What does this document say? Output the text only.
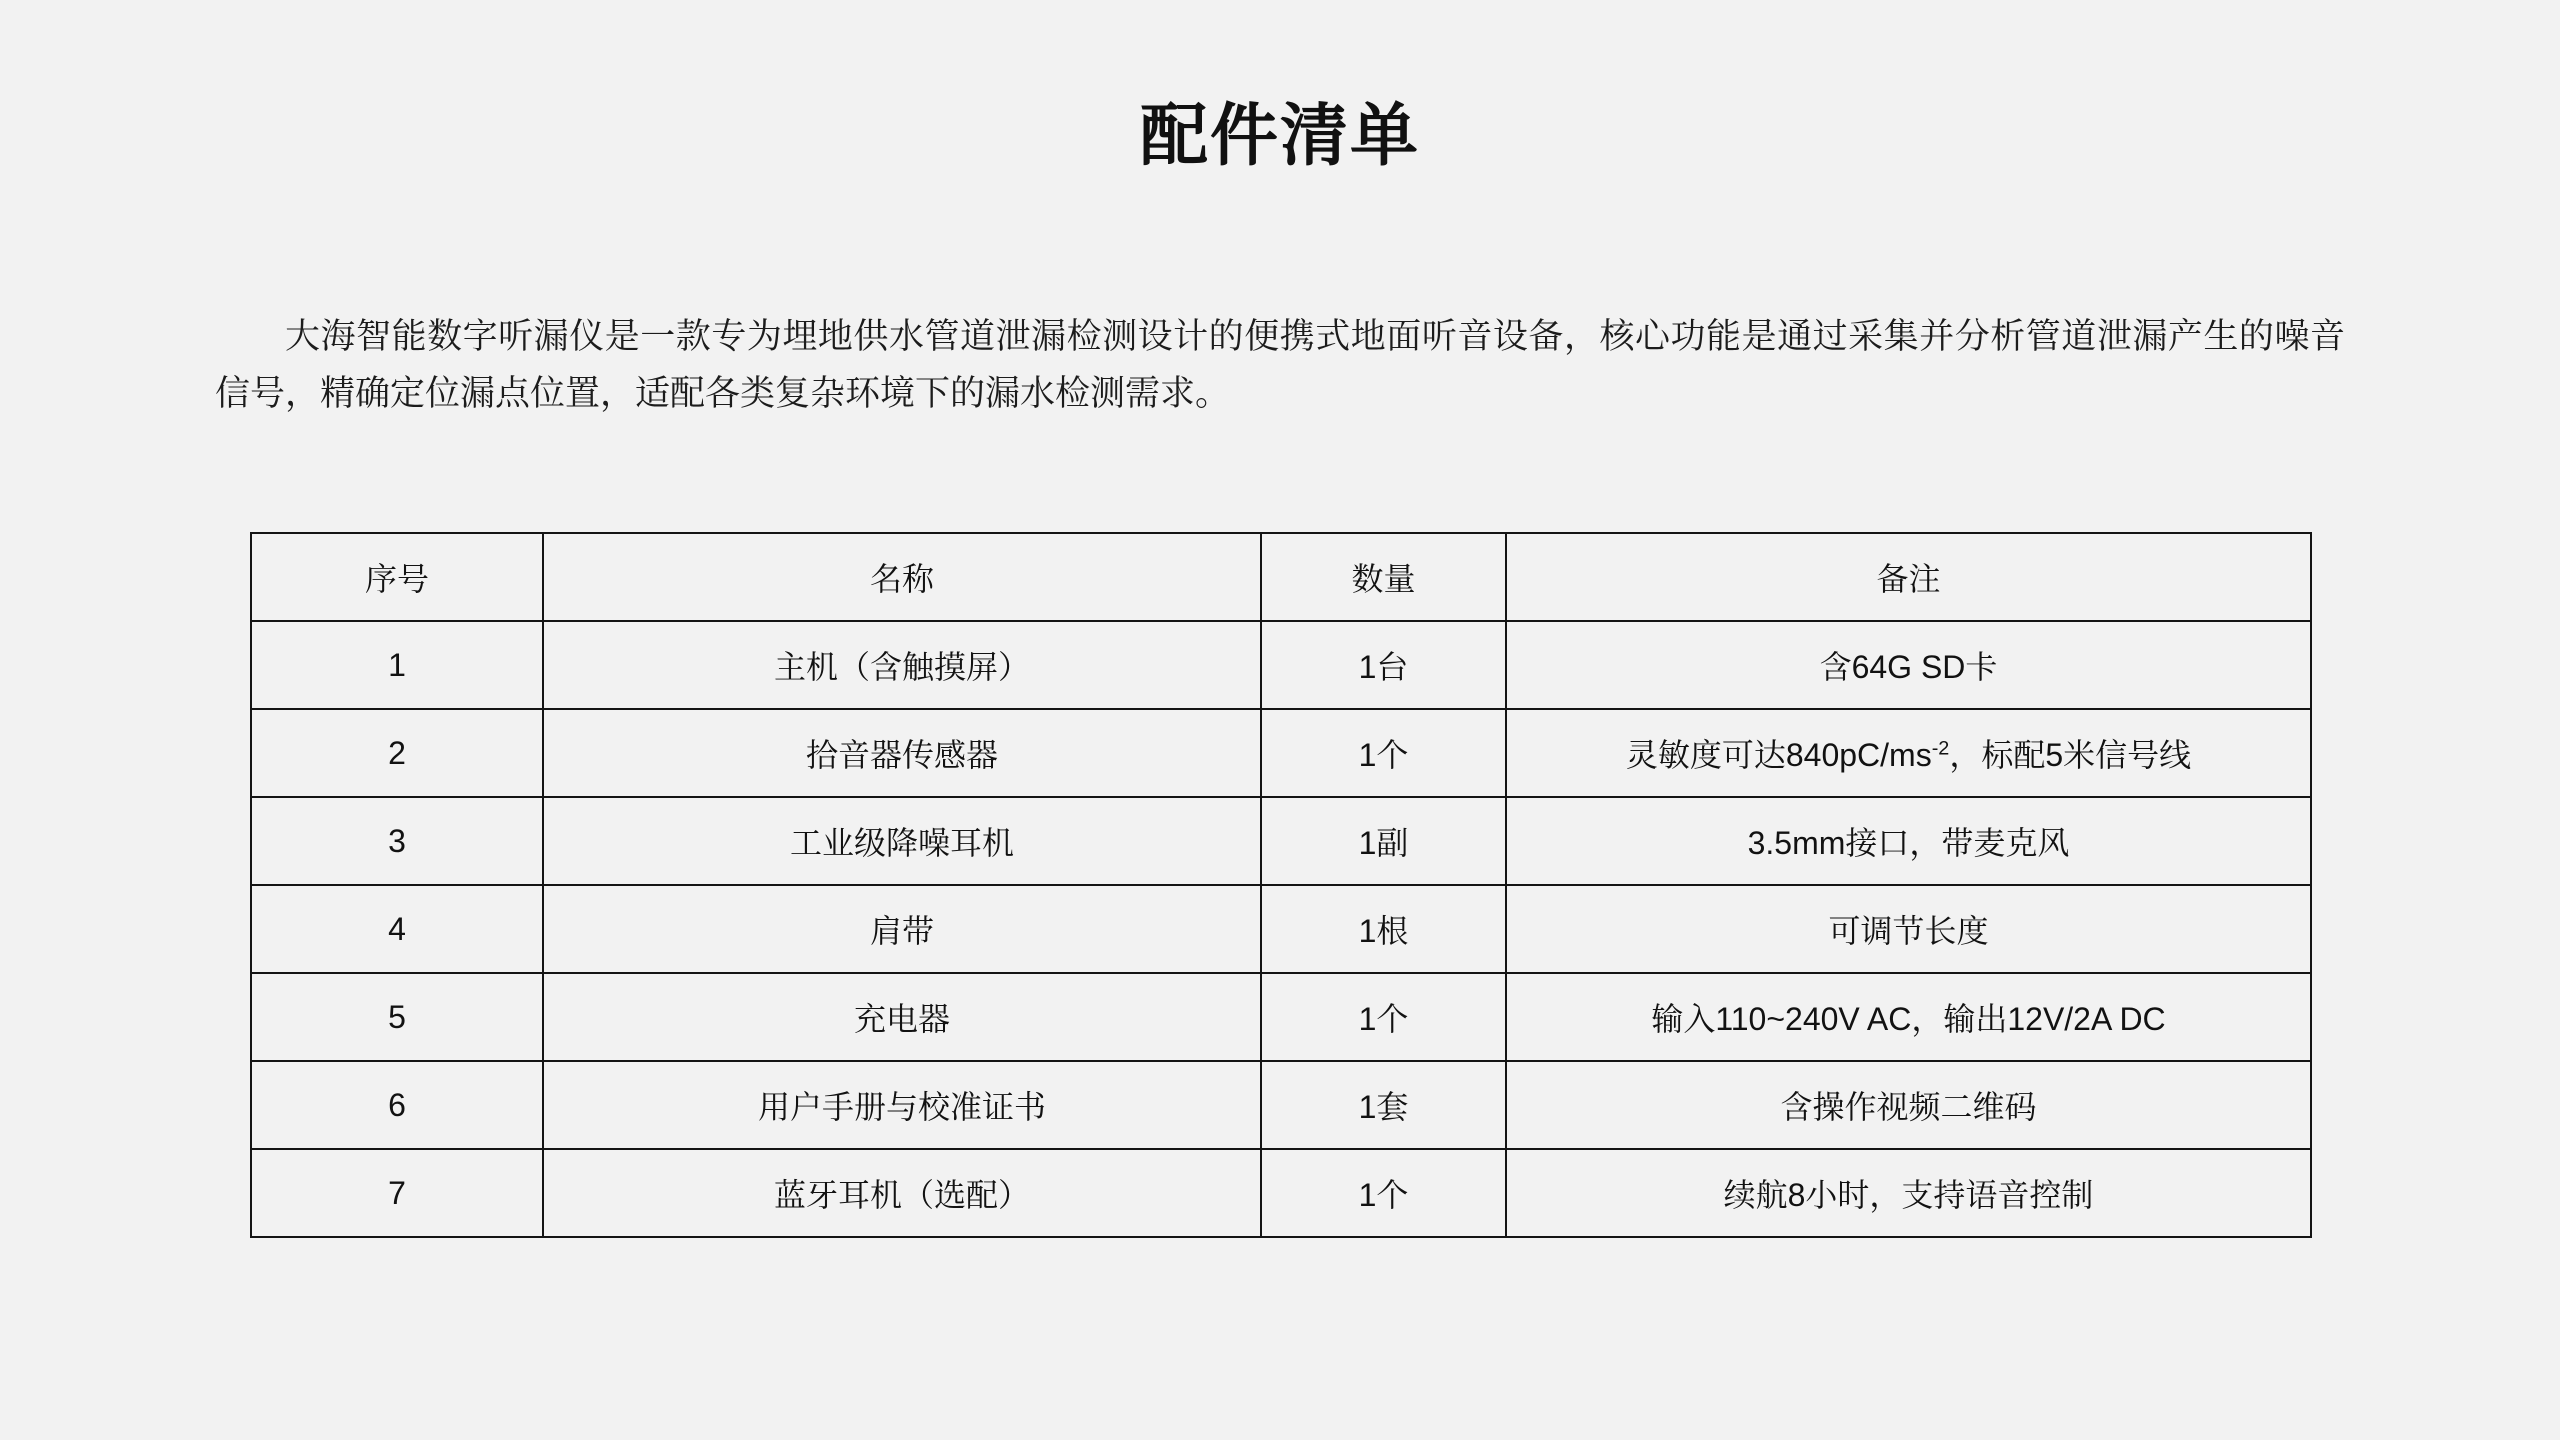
配件清单

大海智能数字听漏仪是一款专为埋地供水管道泄漏检测设计的便携式地面听音设备，核心功能是通过采集并分析管道泄漏产生的噪音信号，精确定位漏点位置，适配各类复杂环境下的漏水检测需求。

序号	名称	数量	备注
1	主机（含触摸屏）	1台	含64G SD卡
2	拾音器传感器	1个	灵敏度可达$840pC/ms^{-2}$，标配5米信号线
3	工业级降噪耳机	1副	3.5mm接口，带麦克风
4	肩带	1根	可调节长度
5	充电器	1个	输入110~240V AC，输出12V/2A DC
6	用户手册与校准证书	1套	含操作视频二维码
7	蓝牙耳机（选配）	1个	续航8小时，支持语音控制
